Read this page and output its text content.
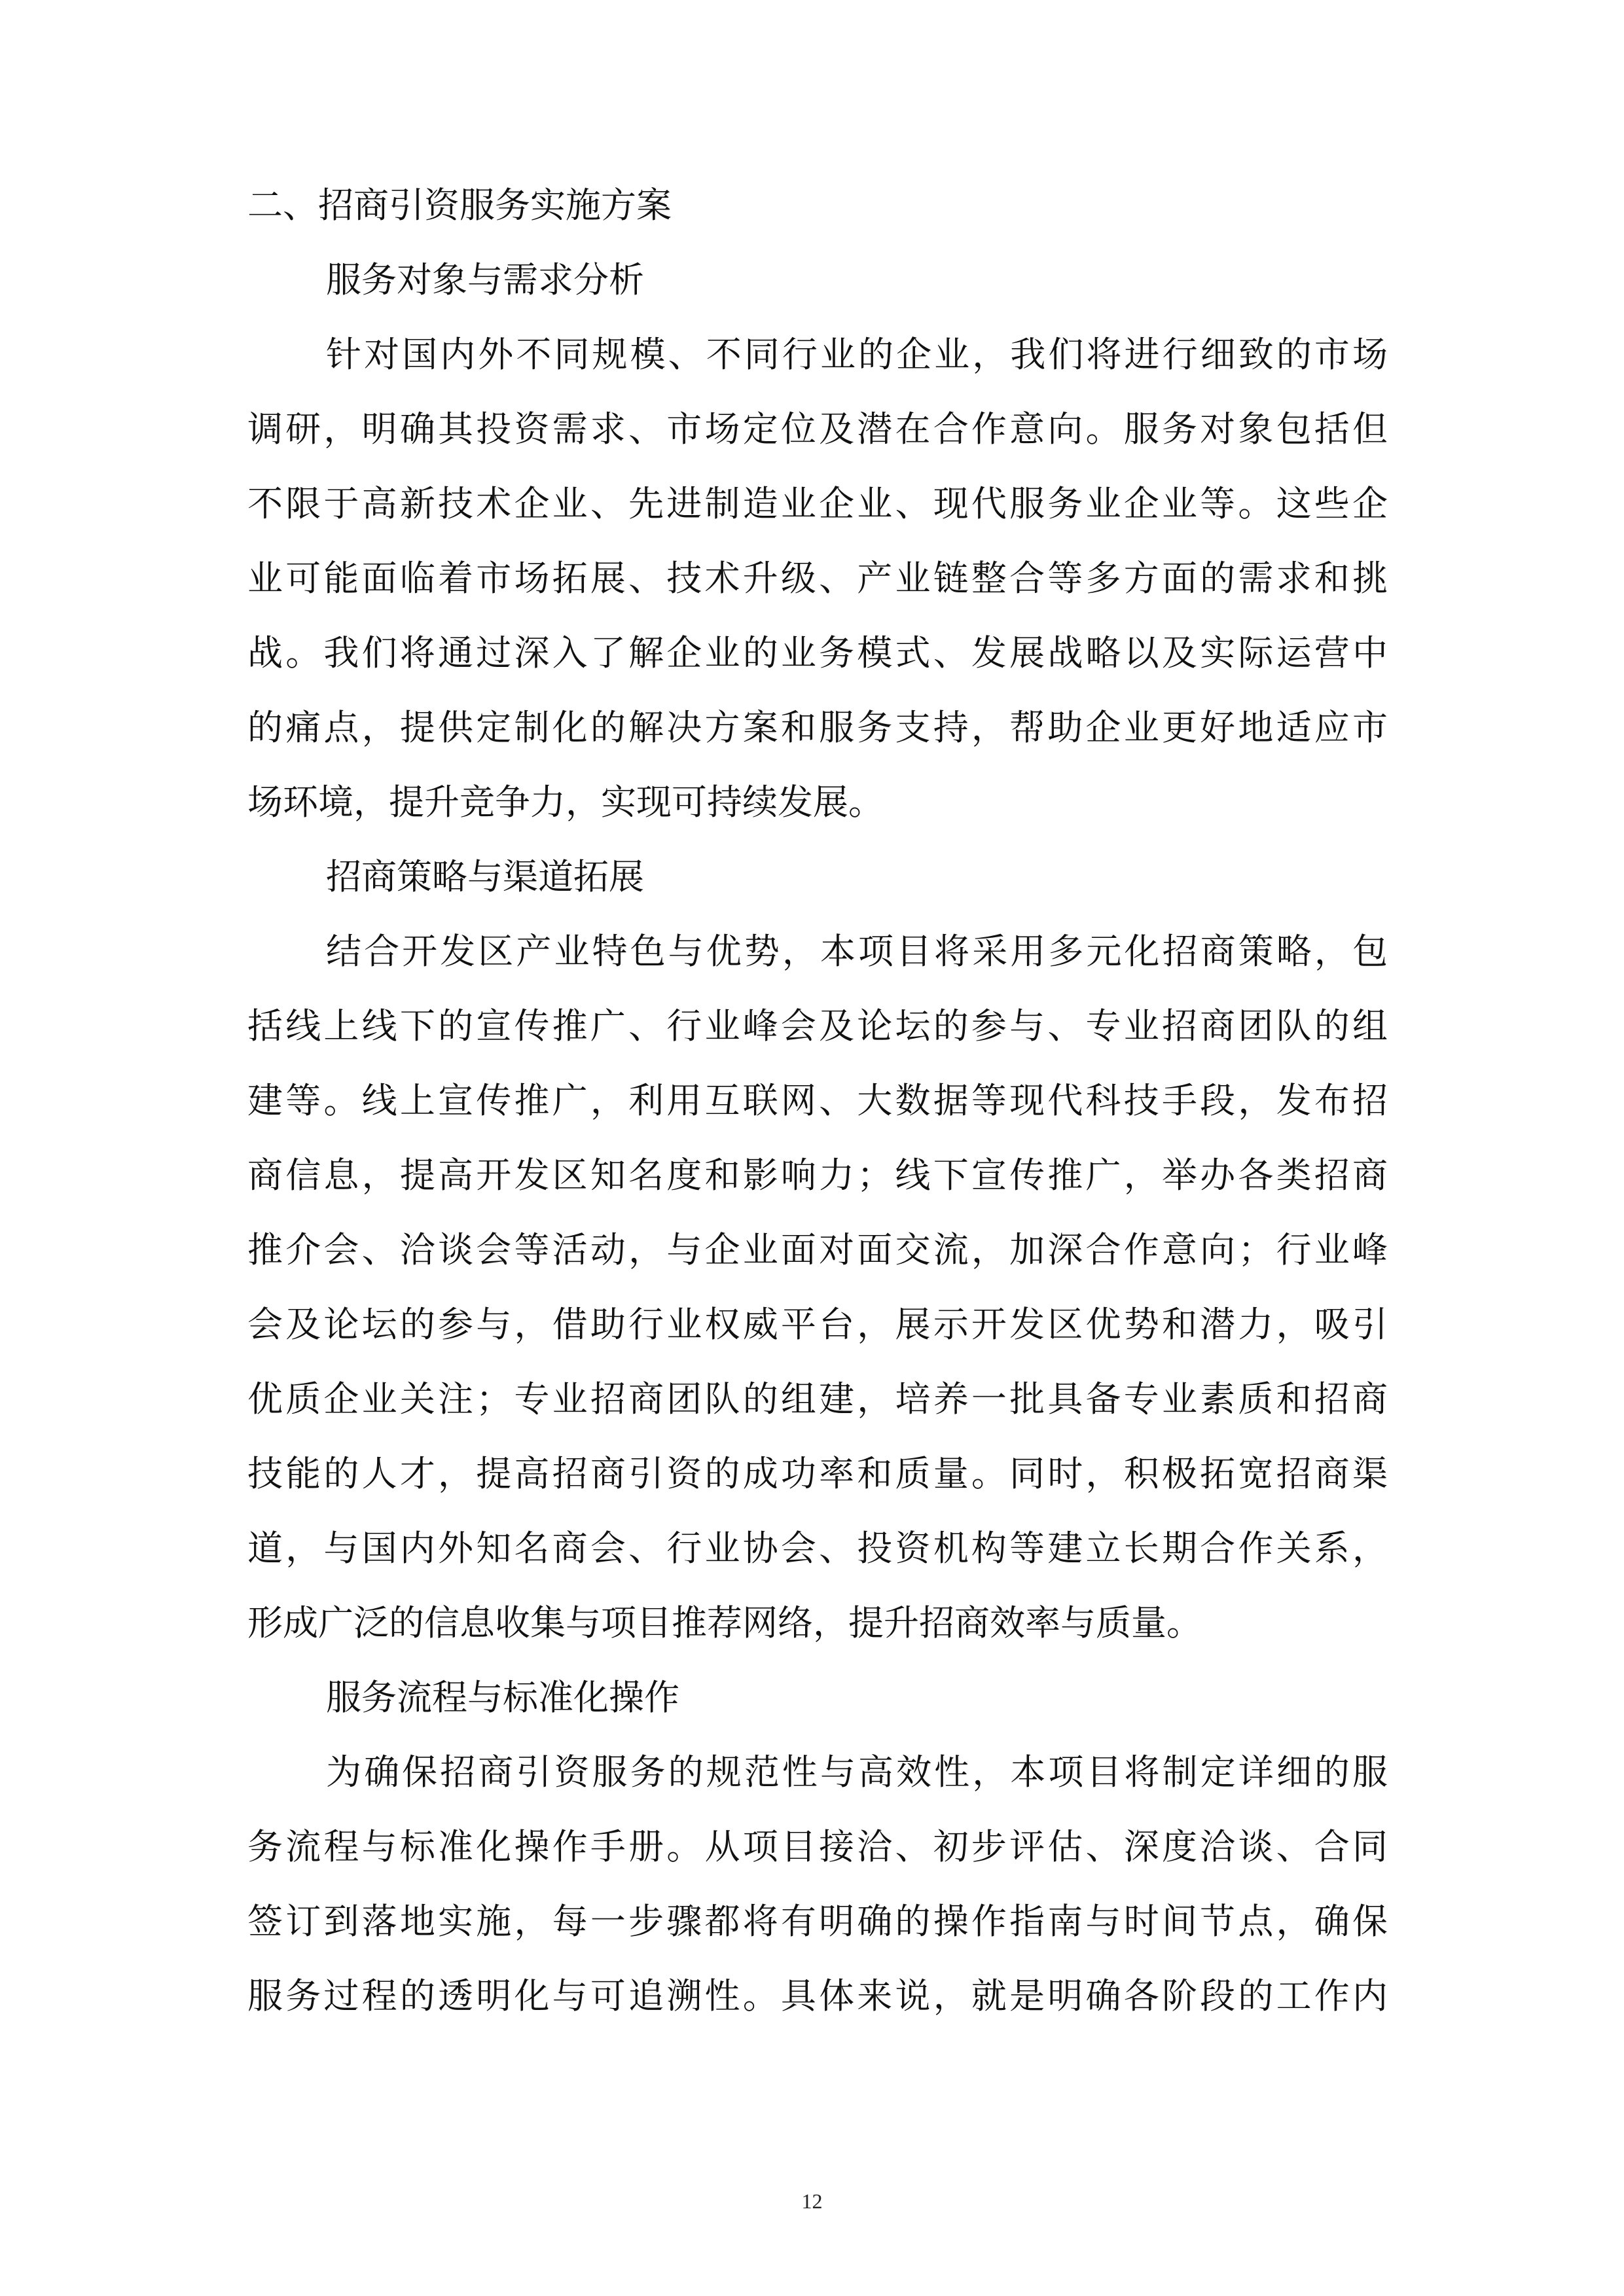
二、招商引资服务实施方案
服务对象与需求分析
针对国内外不同规模、不同行业的企业，我们将进行细致的市场
调研，明确其投资需求、市场定位及潜在合作意向。服务对象包括但
不限于高新技术企业、先进制造业企业、现代服务业企业等。这些企
业可能面临着市场拓展、技术升级、产业链整合等多方面的需求和挑
战。我们将通过深入了解企业的业务模式、发展战略以及实际运营中
的痛点，提供定制化的解决方案和服务支持，帮助企业更好地适应市
场环境，提升竞争力，实现可持续发展。
招商策略与渠道拓展
结合开发区产业特色与优势，本项目将采用多元化招商策略，包
括线上线下的宣传推广、行业峰会及论坛的参与、专业招商团队的组
建等。线上宣传推广，利用互联网、大数据等现代科技手段，发布招
商信息，提高开发区知名度和影响力；线下宣传推广，举办各类招商
推介会、洽谈会等活动，与企业面对面交流，加深合作意向；行业峰
会及论坛的参与，借助行业权威平台，展示开发区优势和潜力，吸引
优质企业关注；专业招商团队的组建，培养一批具备专业素质和招商
技能的人才，提高招商引资的成功率和质量。同时，积极拓宽招商渠
道，与国内外知名商会、行业协会、投资机构等建立长期合作关系，
形成广泛的信息收集与项目推荐网络，提升招商效率与质量。
服务流程与标准化操作
为确保招商引资服务的规范性与高效性，本项目将制定详细的服
务流程与标准化操作手册。从项目接洽、初步评估、深度洽谈、合同
签订到落地实施，每一步骤都将有明确的操作指南与时间节点，确保
服务过程的透明化与可追溯性。具体来说，就是明确各阶段的工作内
12
